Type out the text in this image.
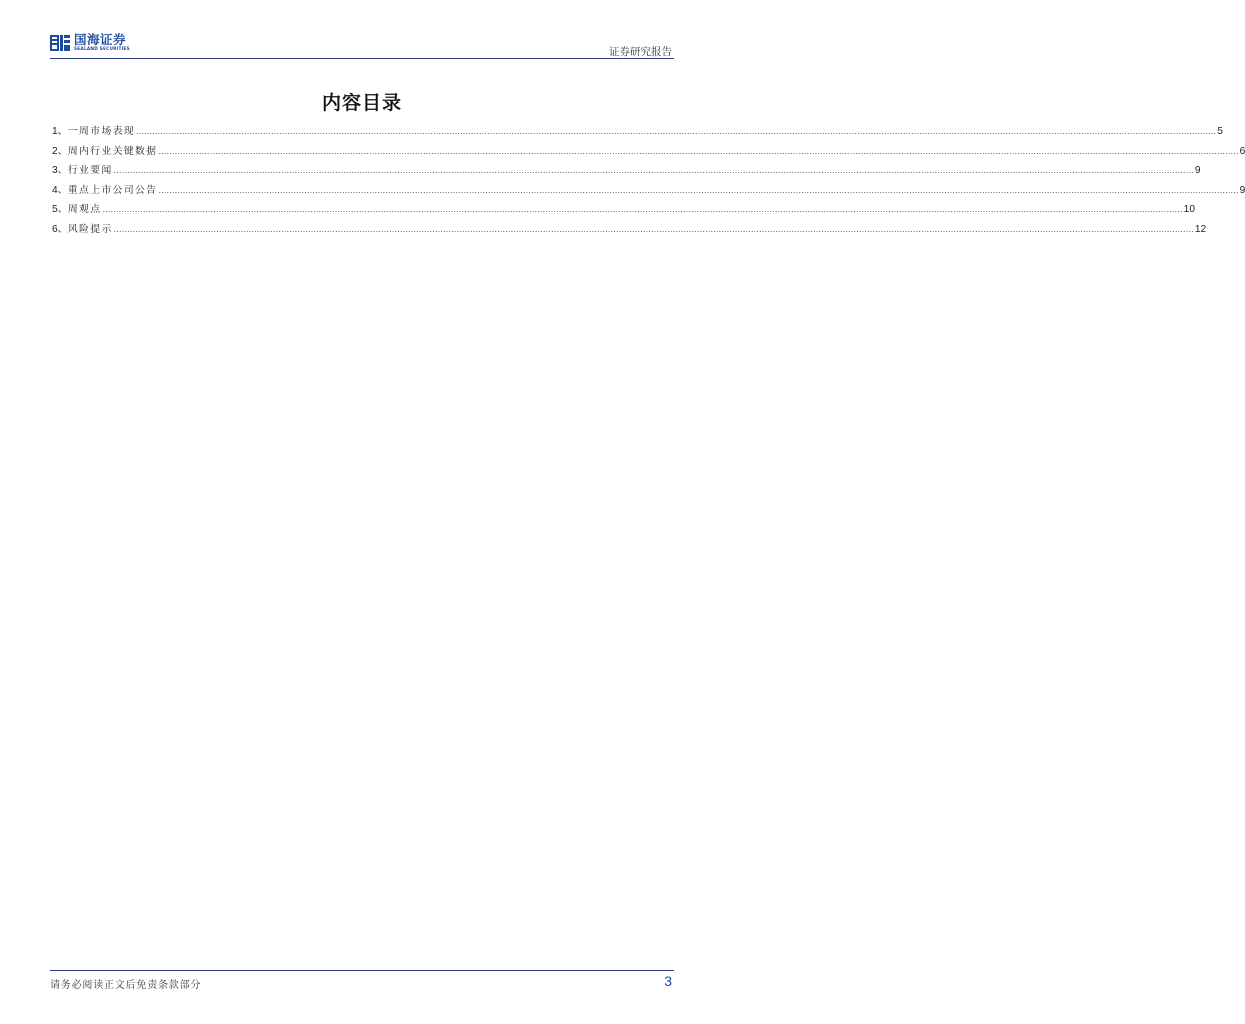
国海证券
SEALAND SECURITIES	证券研究报告
内容目录
1、 一周市场表现 ................................................................................................................................................................................................................................................................................................................................................................................................................ 5
2、 周内行业关键数据 ................................................................................................................................................................................................................................................................................................................................................................................................................ 6
3、 行业要闻 ................................................................................................................................................................................................................................................................................................................................................................................................................ 9
4、 重点上市公司公告 ................................................................................................................................................................................................................................................................................................................................................................................................................ 9
5、 周观点 ................................................................................................................................................................................................................................................................................................................................................................................................................ 10
6、 风险提示 ................................................................................................................................................................................................................................................................................................................................................................................................................ 12
请务必阅读正文后免责条款部分	3
